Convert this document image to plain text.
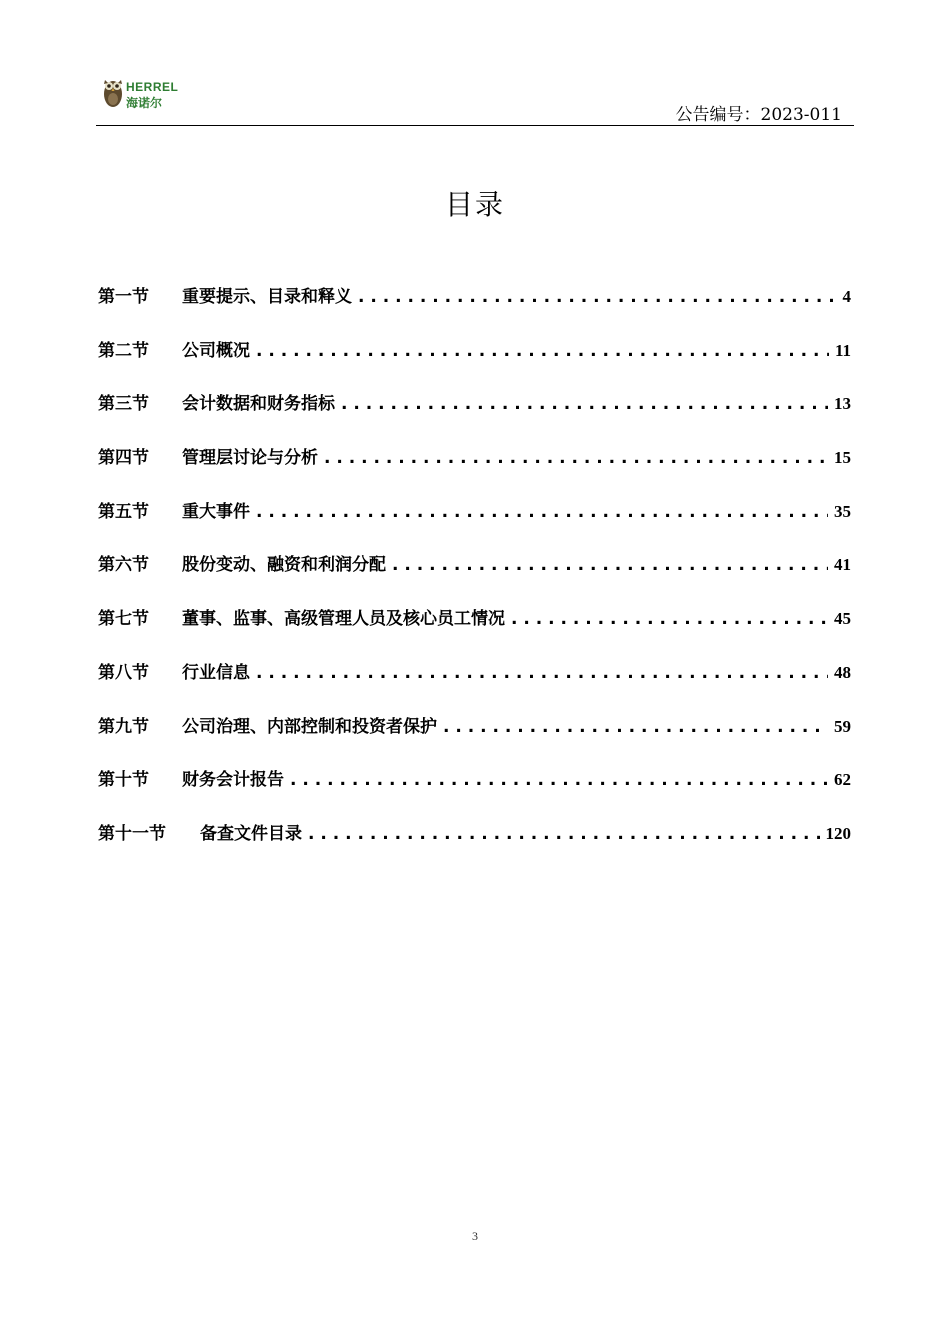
HERREL
海诺尔
公告编号：2023-011
目录
第一节	重要提示、目录和释义 . . .	4
第二节	公司概况 . . .	11
第三节	会计数据和财务指标 . . .	13
第四节	管理层讨论与分析 . . .	15
第五节	重大事件 . . .	35
第六节	股份变动、融资和利润分配 . . .	41
第七节	董事、监事、高级管理人员及核心员工情况 . . .	45
第八节	行业信息 . . .	48
第九节	公司治理、内部控制和投资者保护 . . .	59
第十节	财务会计报告 . . .	62
第十一节	备查文件目录 . . .	120
3
